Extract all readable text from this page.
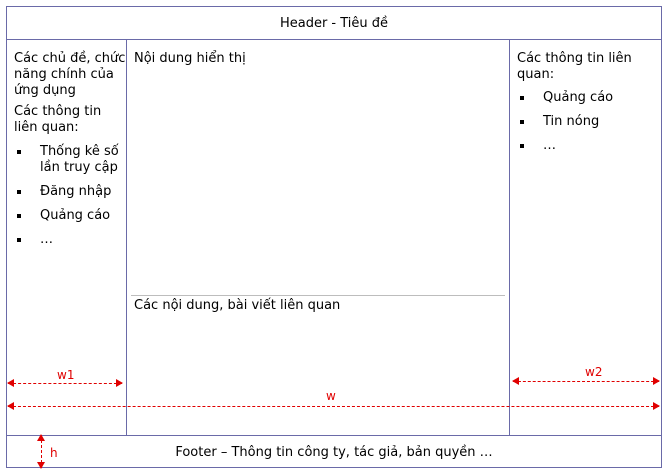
Header - Tiêu đề
Các chủ đề, chức năng chính của ứng dụng
Các thông tin liên quan:
Thống kê số lần truy cập
Đăng nhập
Quảng cáo
…
Nội dung hiển thị
Các nội dung, bài viết liên quan
Các thông tin liên quan:
Quảng cáo
Tin nóng
…
Footer – Thông tin công ty, tác giả, bản quyền …
w1	w2
w
h
